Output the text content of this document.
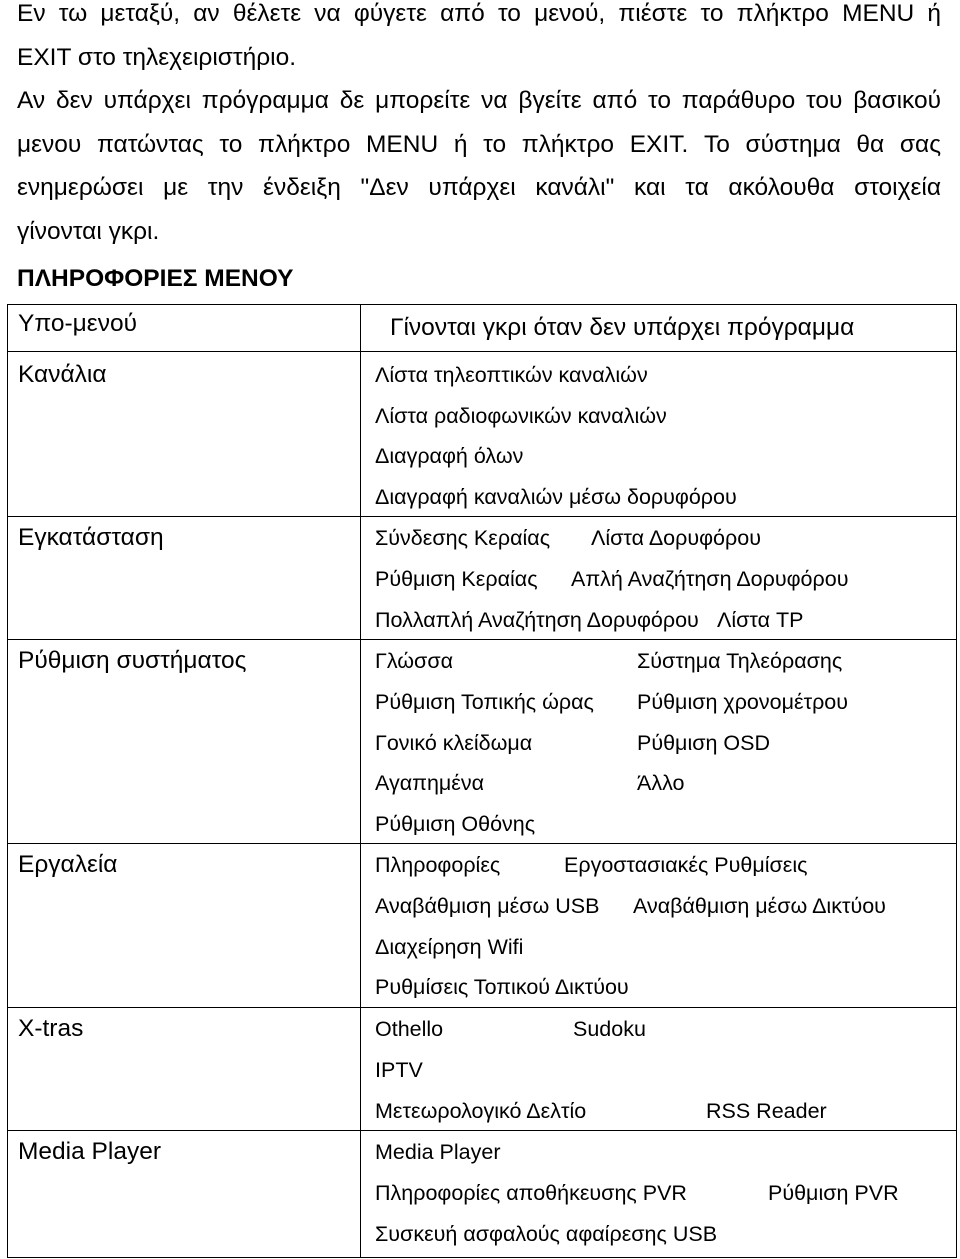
Εν τω μεταξύ, αν θέλετε να φύγετε από το μενού, πιέστε το πλήκτρο MENU ή
EXIT στο τηλεχειριστήριο.
Αν δεν υπάρχει πρόγραμμα δε μπορείτε να βγείτε από το παράθυρο του βασικού
μενου πατώντας το πλήκτρο MENU ή το πλήκτρο EXIT. Το σύστημα θα σας
ενημερώσει με την ένδειξη "Δεν υπάρχει κανάλι" και τα ακόλουθα στοιχεία
γίνονται γκρι.
ΠΛΗΡΟΦΟΡΙΕΣ ΜΕΝΟΥ
Υπο-μενού	Γίνονται γκρι όταν δεν υπάρχει πρόγραμμα
Κανάλια	Λίστα τηλεοπτικών καναλιών
Λίστα ραδιοφωνικών καναλιών
Διαγραφή όλων
Διαγραφή καναλιών μέσω δορυφόρου
Εγκατάσταση	Σύνδεσης Κεραίας Λίστα Δορυφόρου
Ρύθμιση Κεραίας Απλή Αναζήτηση Δορυφόρου
Πολλαπλή Αναζήτηση Δορυφόρου Λίστα TP
Ρύθμιση συστήματος	Γλώσσα	Σύστημα Τηλεόρασης
Ρύθμιση Τοπικής ώρας Ρύθμιση χρονομέτρου
Γονικό κλείδωμα	Ρύθμιση OSD
Αγαπημένα	Άλλο
Ρύθμιση Οθόνης
Εργαλεία	Πληροφορίες	Εργοστασιακές Ρυθμίσεις
Αναβάθμιση μέσω USB Αναβάθμιση μέσω Δικτύου
Διαχείρηση Wifi
Ρυθμίσεις Τοπικού Δικτύου
X-tras	Othello	Sudoku
IPTV
Μετεωρολογικό Δελτίο	RSS Reader
Media Player	Media Player
Πληροφορίες αποθήκευσης PVR	Ρύθμιση PVR
Συσκευή ασφαλούς αφαίρεσης USB
